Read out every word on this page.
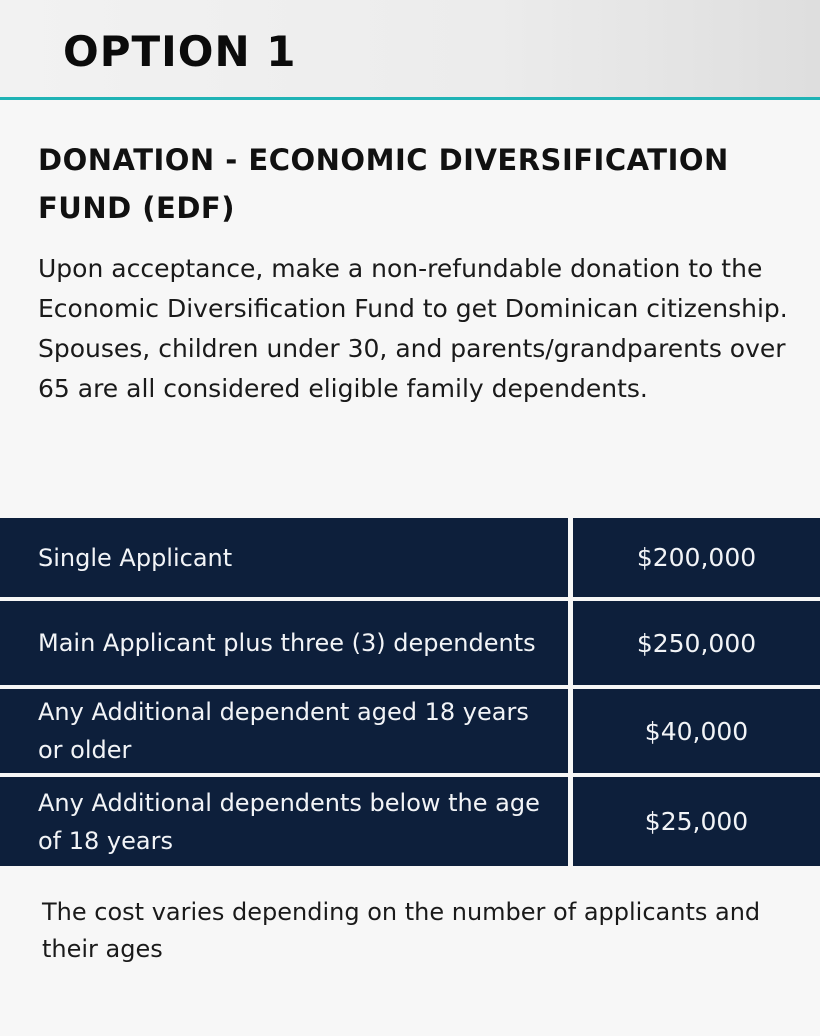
OPTION 1
DONATION - ECONOMIC DIVERSIFICATION FUND (EDF)
Upon acceptance, make a non-refundable donation to the Economic Diversification Fund to get Dominican citizenship. Spouses, children under 30, and parents/grandparents over 65 are all considered eligible family dependents.
Single Applicant	$200,000
Main Applicant plus three (3) dependents	$250,000
Any Additional dependent aged 18 years or older
$40,000
Any Additional dependents below the age of 18 years
$25,000
The cost varies depending on the number of applicants and their ages
